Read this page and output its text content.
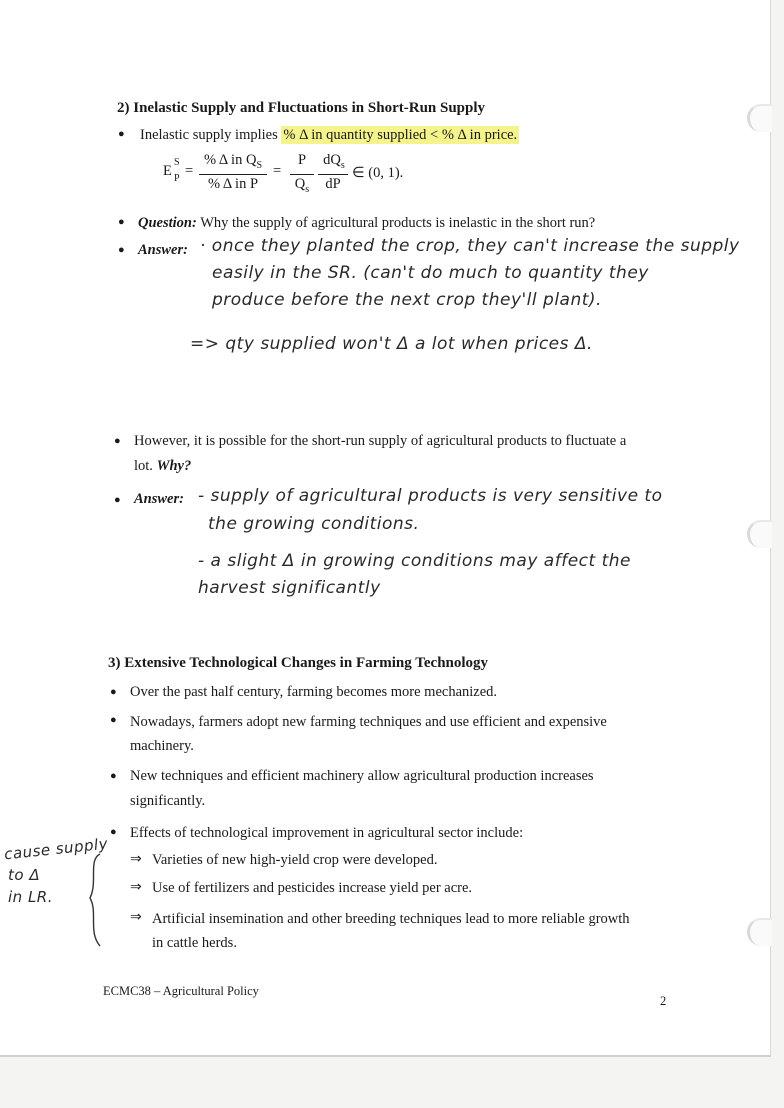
2) Inelastic Supply and Fluctuations in Short-Run Supply
● Inelastic supply implies % Δ in quantity supplied < % Δ in price.
E
S
P =
% Δ in $Q_S$
% Δ in P
=
P
$Q_s$
$dQ_s$
dP
∈ (0, 1).
● Question: Why the supply of agricultural products is inelastic in the short run?
● Answer: · once they planted the crop, they can't increase the supply
easily in the SR. (can't do much to quantity they
produce before the next crop they'll plant).
=> qty supplied won't Δ a lot when prices Δ.
● However, it is possible for the short-run supply of agricultural products to fluctuate a
lot. Why?
● Answer: - supply of agricultural products is very sensitive to
the growing conditions.
- a slight Δ in growing conditions may affect the
harvest significantly
3) Extensive Technological Changes in Farming Technology
● Over the past half century, farming becomes more mechanized.
● Nowadays, farmers adopt new farming techniques and use efficient and expensive
machinery.
● New techniques and efficient machinery allow agricultural production increases
significantly.
● Effects of technological improvement in agricultural sector include:
⇒ Varieties of new high-yield crop were developed.
⇒ Use of fertilizers and pesticides increase yield per acre.
⇒ Artificial insemination and other breeding techniques lead to more reliable growth
in cattle herds.
cause supply
to Δ
in LR.
ECMC38 – Agricultural Policy
2
